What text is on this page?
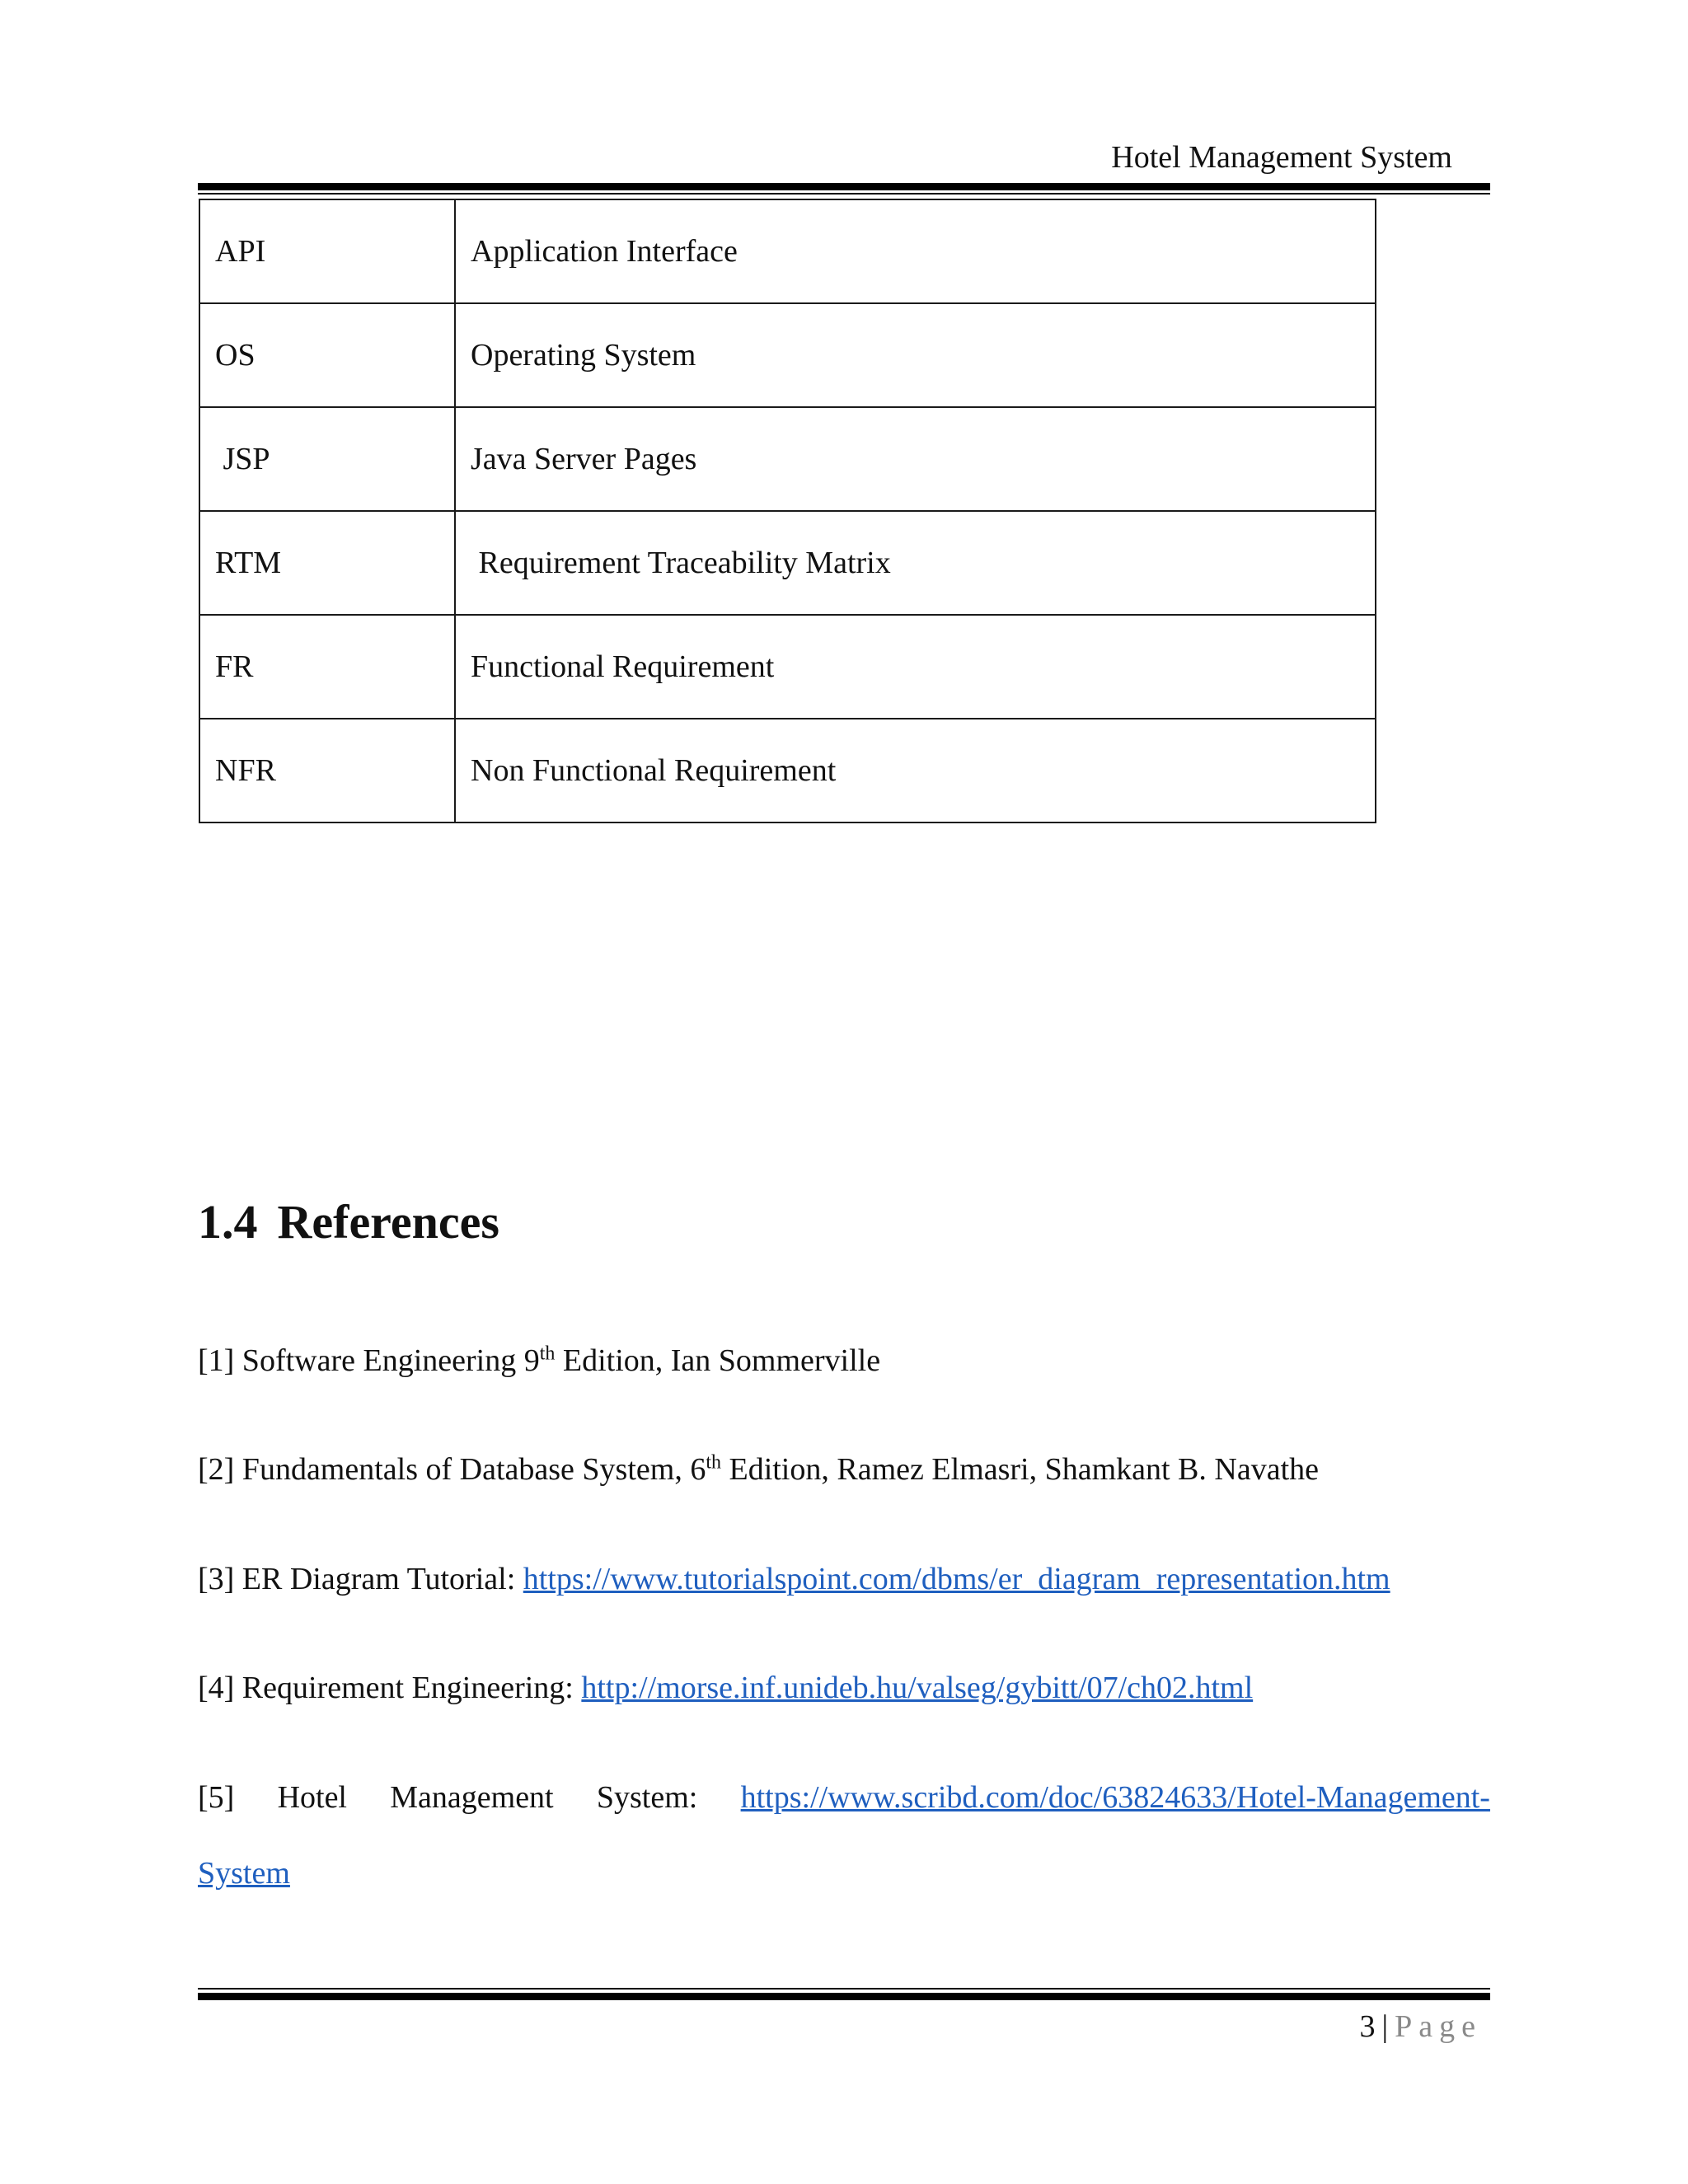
Hotel Management System
API	Application Interface
OS	Operating System
JSP	Java Server Pages
RTM	Requirement Traceability Matrix
FR	Functional Requirement
NFR	Non Functional Requirement
1.4 References
[1] Software Engineering 9th Edition, Ian Sommerville
[2] Fundamentals of Database System, 6th Edition, Ramez Elmasri, Shamkant B. Navathe
[3] ER Diagram Tutorial: https://www.tutorialspoint.com/dbms/er_diagram_representation.htm
[4] Requirement Engineering: http://morse.inf.unideb.hu/valseg/gybitt/07/ch02.html
[5] Hotel Management System: https://www.scribd.com/doc/63824633/Hotel-Management-
System
3 | Page
